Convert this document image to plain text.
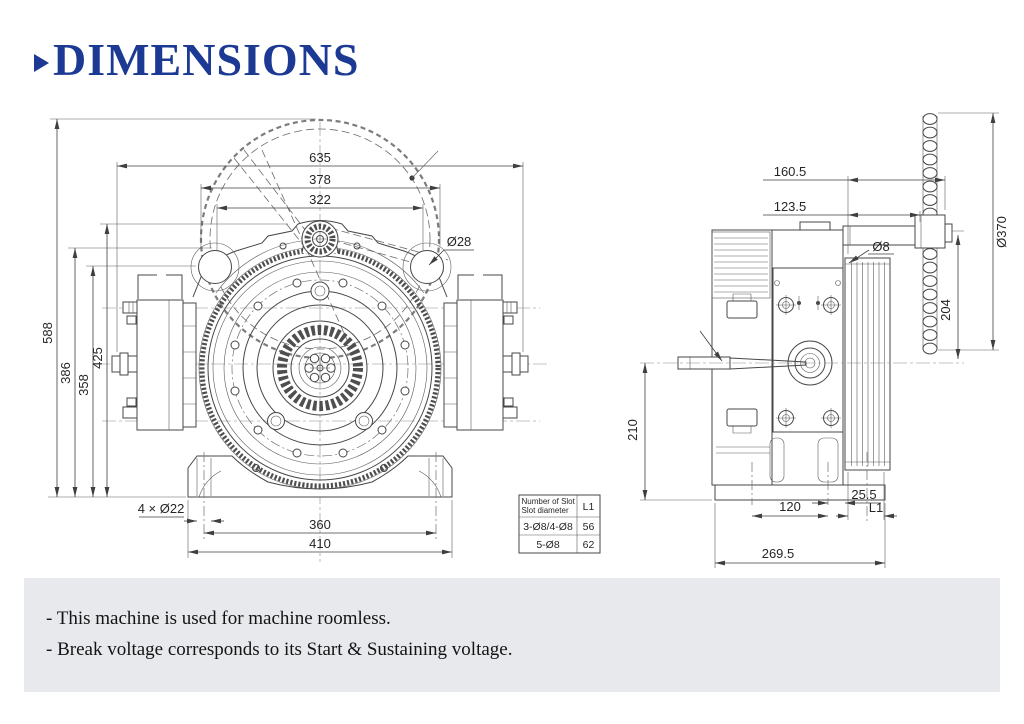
DIMENSIONS
635
378
322
Ø28
588
386
358
425
4 × Ø22
360
410
160.5
123.5
Ø8	Ø370
204
210
25.5
120	L1
269.5
Number of Slot
Slot diameter L1
3-Ø8/4-Ø8 56
5-Ø8 62
- This machine is used for machine roomless.
- Break voltage corresponds to its Start & Sustaining voltage.
